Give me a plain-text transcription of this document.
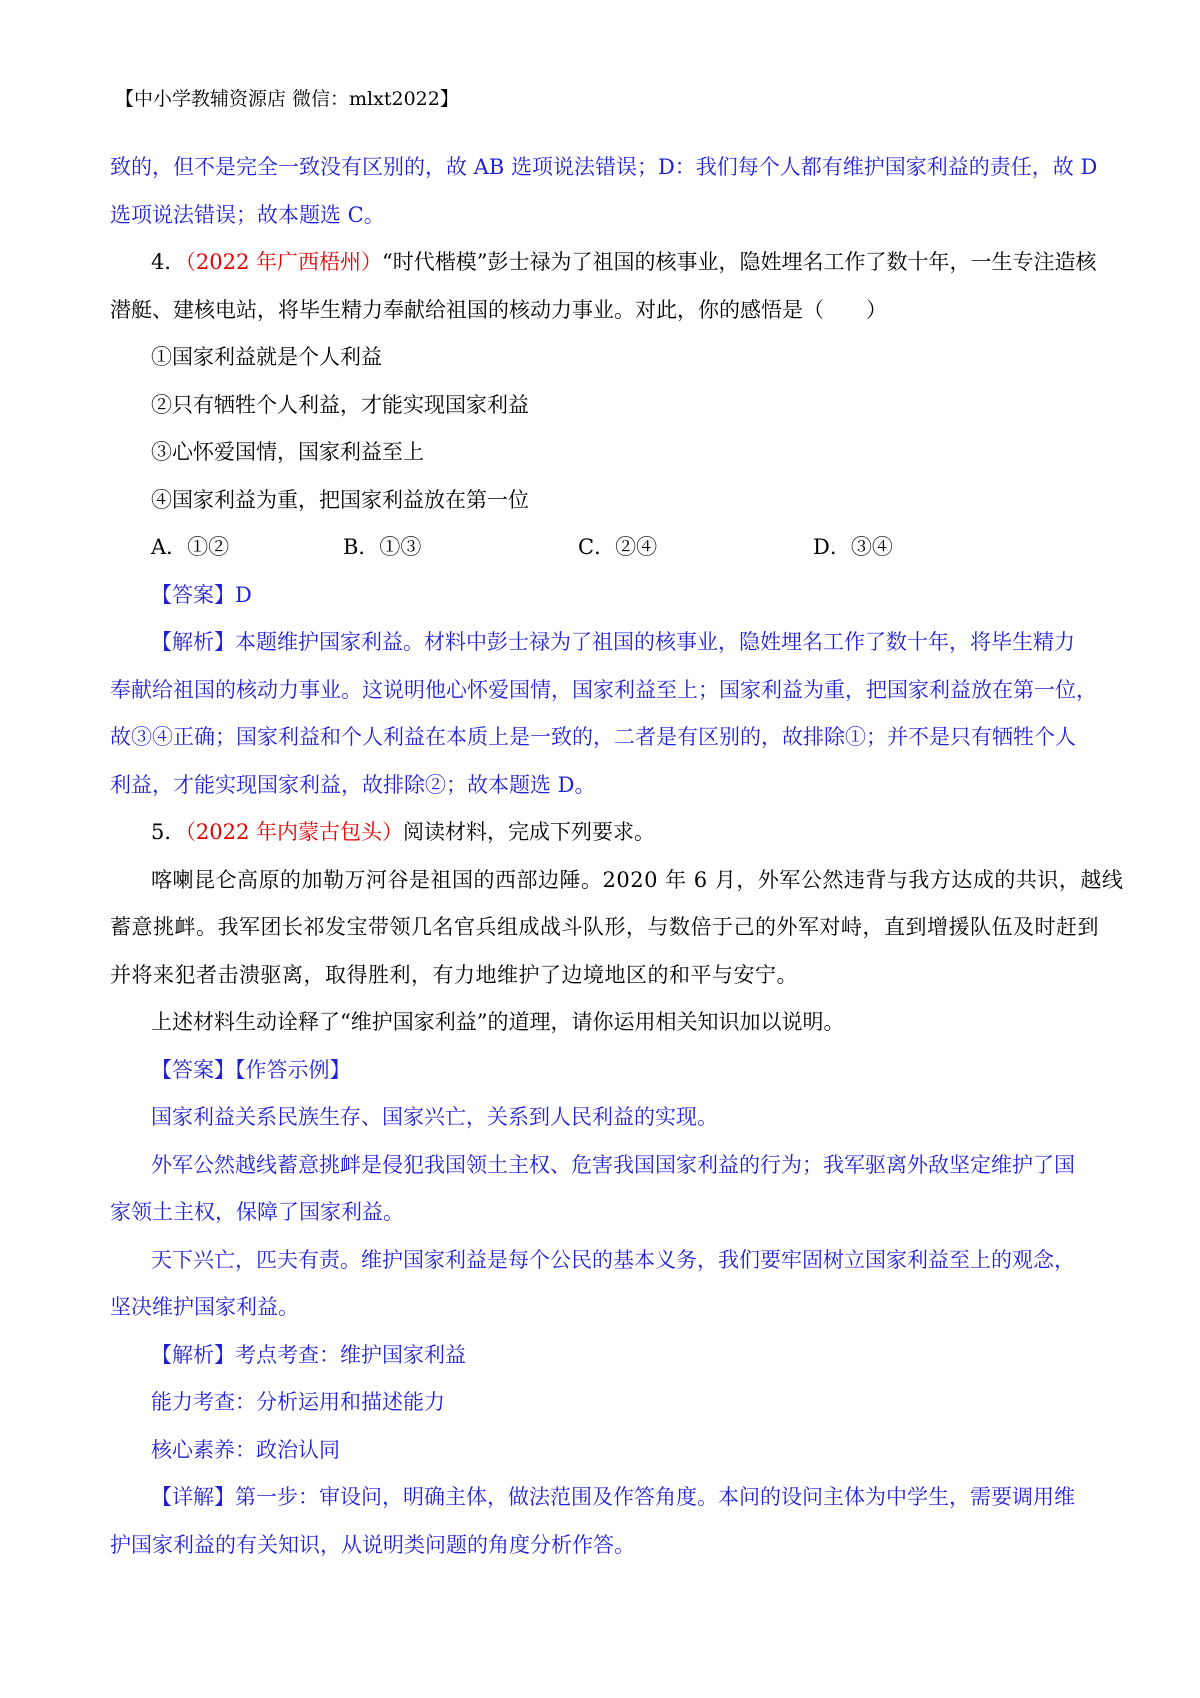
【中小学教辅资源店 微信：mlxt2022】
致的，但不是完全一致没有区别的，故 AB 选项说法错误；D：我们每个人都有维护国家利益的责任，故 D
选项说法错误；故本题选 C。
4．（2022 年广西梧州）“时代楷模”彭士禄为了祖国的核事业，隐姓埋名工作了数十年，一生专注造核
潜艇、建核电站，将毕生精力奉献给祖国的核动力事业。对此，你的感悟是（　　）
①国家利益就是个人利益
②只有牺牲个人利益，才能实现国家利益
③心怀爱国情，国家利益至上
④国家利益为重，把国家利益放在第一位
A．①②	B．①③	C．②④	D．③④
【答案】D
【解析】本题维护国家利益。材料中彭士禄为了祖国的核事业，隐姓埋名工作了数十年，将毕生精力
奉献给祖国的核动力事业。这说明他心怀爱国情，国家利益至上；国家利益为重，把国家利益放在第一位，
故③④正确；国家利益和个人利益在本质上是一致的，二者是有区别的，故排除①；并不是只有牺牲个人
利益，才能实现国家利益，故排除②；故本题选 D。
5．（2022 年内蒙古包头）阅读材料，完成下列要求。
喀喇昆仑高原的加勒万河谷是祖国的西部边陲。2020 年 6 月，外军公然违背与我方达成的共识，越线
蓄意挑衅。我军团长祁发宝带领几名官兵组成战斗队形，与数倍于己的外军对峙，直到增援队伍及时赶到
并将来犯者击溃驱离，取得胜利，有力地维护了边境地区的和平与安宁。
上述材料生动诠释了“维护国家利益”的道理，请你运用相关知识加以说明。
【答案】【作答示例】
国家利益关系民族生存、国家兴亡，关系到人民利益的实现。
外军公然越线蓄意挑衅是侵犯我国领土主权、危害我国国家利益的行为；我军驱离外敌坚定维护了国
家领土主权，保障了国家利益。
天下兴亡，匹夫有责。维护国家利益是每个公民的基本义务，我们要牢固树立国家利益至上的观念，
坚决维护国家利益。
【解析】考点考查：维护国家利益
能力考查：分析运用和描述能力
核心素养：政治认同
【详解】第一步：审设问，明确主体，做法范围及作答角度。本问的设问主体为中学生，需要调用维
护国家利益的有关知识，从说明类问题的角度分析作答。
